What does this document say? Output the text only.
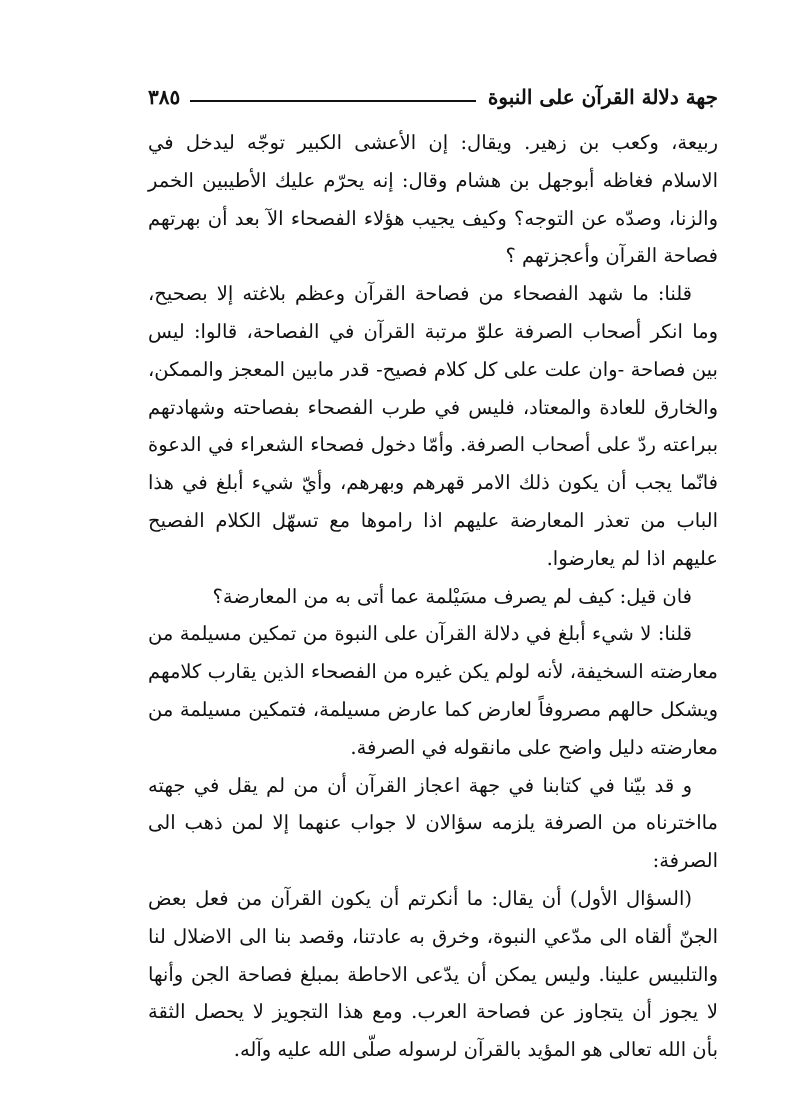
جهة دلالة القرآن على النبوة
٣٨٥

ربيعة، وكعب بن زهير. ويقال: إن الأعشى الكبير توجّه ليدخل في الاسلام فغاظه أبوجهل بن هشام وقال: إنه يحرّم عليك الأطيبين الخمر والزنا، وصدّه عن التوجه؟ وكيف يجيب هؤلاء الفصحاء الآ بعد أن بهرتهم فصاحة القرآن وأعجزتهم ؟

قلنا: ما شهد الفصحاء من فصاحة القرآن وعظم بلاغته إلا بصحيح، وما انكر أصحاب الصرفة علوّ مرتبة القرآن في الفصاحة، قالوا: ليس بين فصاحة -وان علت على كل كلام فصيح- قدر مابين المعجز والممكن، والخارق للعادة والمعتاد، فليس في طرب الفصحاء بفصاحته وشهادتهم ببراعته ردّ على أصحاب الصرفة. وأمّا دخول فصحاء الشعراء في الدعوة فانّما يجب أن يكون ذلك الامر قهرهم وبهرهم، وأيّ شيء أبلغ في هذا الباب من تعذر المعارضة عليهم اذا راموها مع تسهّل الكلام الفصيح عليهم اذا لم يعارضوا.

فان قيل: كيف لم يصرف مسَيْلمة عما أتى به من المعارضة؟

قلنا: لا شيء أبلغ في دلالة القرآن على النبوة من تمكين مسيلمة من معارضته السخيفة، لأنه لولم يكن غيره من الفصحاء الذين يقارب كلامهم ويشكل حالهم مصروفاً لعارض كما عارض مسيلمة، فتمكين مسيلمة من معارضته دليل واضح على مانقوله في الصرفة.

و قد بيّنا في كتابنا في جهة اعجاز القرآن أن من لم يقل في جهته مااخترناه من الصرفة يلزمه سؤالان لا جواب عنهما إلا لمن ذهب الى الصرفة:

(السؤال الأول) أن يقال: ما أنكرتم أن يكون القرآن من فعل بعض الجنّ ألقاه الى مدّعي النبوة، وخرق به عادتنا، وقصد بنا الى الاضلال لنا والتلبيس علينا. وليس يمكن أن يدّعى الاحاطة بمبلغ فصاحة الجن وأنها لا يجوز أن يتجاوز عن فصاحة العرب. ومع هذا التجويز لا يحصل الثقة بأن الله تعالى هو المؤيد بالقرآن لرسوله صلّى الله عليه وآله.
